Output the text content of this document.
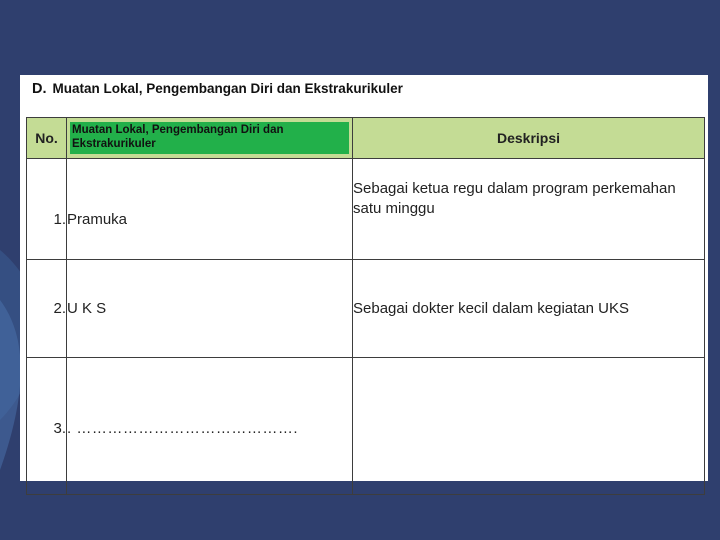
D. Muatan Lokal, Pengembangan Diri dan Ekstrakurikuler
No.	Muatan Lokal, Pengembangan Diri dan Ekstrakurikuler	Deskripsi
1.	Pramuka	Sebagai ketua regu dalam program perkemahan satu minggu
2.	U K S	Sebagai dokter kecil dalam kegiatan UKS
3.	. …………………………………….	
